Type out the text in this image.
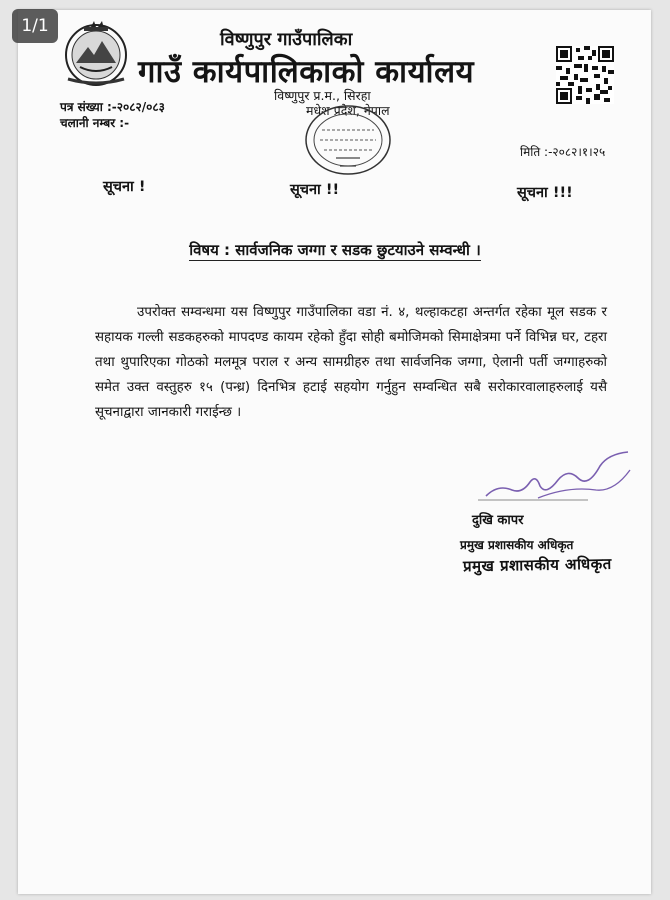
1/1
विष्णुपुर गाउँपालिका
गाउँ कार्यपालिकाको कार्यालय
विष्णुपुर प्र.म., सिरहा
मधेश प्रदेश, नेपाल
पत्र संख्या :-२०८२/०८३
चलानी नम्बर :-
मिति :-२०८२।१।२५
सूचना !	सूचना !!	सूचना !!!
विषय : सार्वजनिक जग्गा र सडक छुटयाउने सम्वन्धी ।

उपरोक्त सम्वन्धमा यस विष्णुपुर गाउँपालिका वडा नं. ४, थल्हाकटहा अन्तर्गत रहेका मूल सडक र सहायक गल्ली सडकहरुको मापदण्ड कायम रहेको हुँदा सोही बमोजिमको सिमाक्षेत्रमा पर्ने विभिन्न घर, टहरा तथा थुपारिएका गोठको मलमूत्र पराल र अन्य सामग्रीहरु तथा सार्वजनिक जग्गा, ऐलानी पर्ती जग्गाहरुको समेत उक्त वस्तुहरु १५ (पन्ध्र) दिनभित्र हटाई सहयोग गर्नुहुन सम्वन्धित सबै सरोकारवालाहरुलाई यसै सूचनाद्वारा जानकारी गराईन्छ ।

दुखि कापर
प्रमुख प्रशासकीय अधिकृत
प्रमुख प्रशासकीय अधिकृत
